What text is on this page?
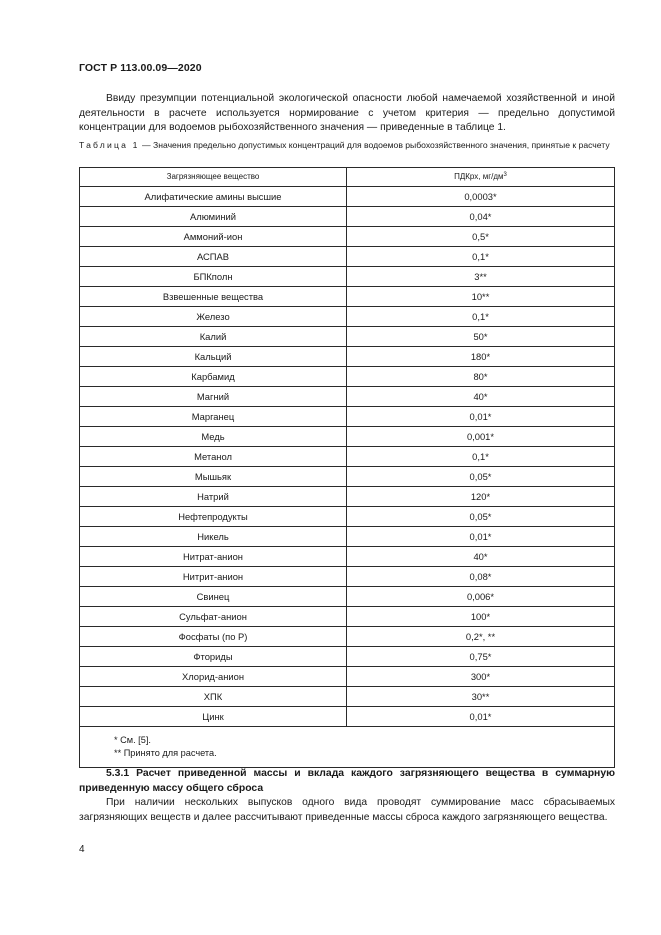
ГОСТ Р 113.00.09—2020

Ввиду презумпции потенциальной экологической опасности любой намечаемой хозяйственной и иной деятельности в расчете используется нормирование с учетом критерия — предельно допустимой концентрации для водоемов рыбохозяйственного значения — приведенные в таблице 1.

Таблица 1 — Значения предельно допустимых концентраций для водоемов рыбохозяйственного значения, принятые к расчету

Загрязняющее вещество	ПДКрх, $мг/дм^3$
Алифатические амины высшие	0,0003*
Алюминий	0,04*
Аммоний-ион	0,5*
АСПАВ	0,1*
БПКполн	3**
Взвешенные вещества	10**
Железо	0,1*
Калий	50*
Кальций	180*
Карбамид	80*
Магний	40*
Марганец	0,01*
Медь	0,001*
Метанол	0,1*
Мышьяк	0,05*
Натрий	120*
Нефтепродукты	0,05*
Никель	0,01*
Нитрат-анион	40*
Нитрит-анион	0,08*
Свинец	0,006*
Сульфат-анион	100*
Фосфаты (по Р)	0,2*, **
Фториды	0,75*
Хлорид-анион	300*
ХПК	30**
Цинк	0,01*

* См. [5].
** Принято для расчета.	

5.3.1 Расчет приведенной массы и вклада каждого загрязняющего вещества в суммарную приведенную массу общего сброса

При наличии нескольких выпусков одного вида проводят суммирование масс сбрасываемых загрязняющих веществ и далее рассчитывают приведенные массы сброса каждого загрязняющего вещества.

4
